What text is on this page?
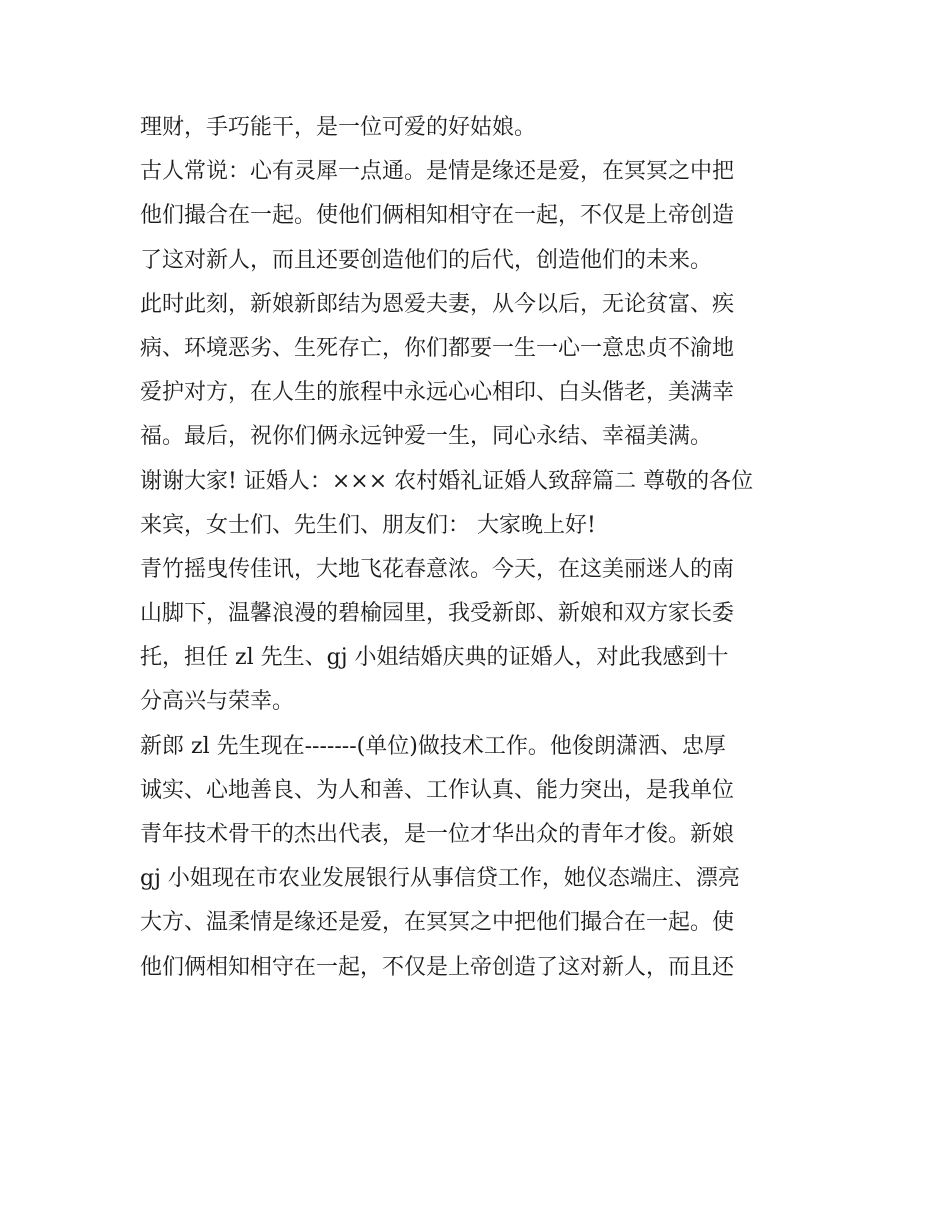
理财，手巧能干，是一位可爱的好姑娘。
古人常说：心有灵犀一点通。是情是缘还是爱，在冥冥之中把
他们撮合在一起。使他们俩相知相守在一起，不仅是上帝创造
了这对新人，而且还要创造他们的后代，创造他们的未来。
此时此刻，新娘新郎结为恩爱夫妻，从今以后，无论贫富、疾
病、环境恶劣、生死存亡，你们都要一生一心一意忠贞不渝地
爱护对方，在人生的旅程中永远心心相印、白头偕老，美满幸
福。最后，祝你们俩永远钟爱一生，同心永结、幸福美满。
谢谢大家! 证婚人：××× 农村婚礼证婚人致辞篇二 尊敬的各位
来宾，女士们、先生们、朋友们： 大家晚上好!
青竹摇曳传佳讯，大地飞花春意浓。今天，在这美丽迷人的南
山脚下，温馨浪漫的碧榆园里，我受新郎、新娘和双方家长委
托，担任 zl 先生、gj 小姐结婚庆典的证婚人，对此我感到十
分高兴与荣幸。
新郎 zl 先生现在-------(单位)做技术工作。他俊朗潇洒、忠厚
诚实、心地善良、为人和善、工作认真、能力突出，是我单位
青年技术骨干的杰出代表，是一位才华出众的青年才俊。新娘
gj 小姐现在市农业发展银行从事信贷工作，她仪态端庄、漂亮
大方、温柔情是缘还是爱，在冥冥之中把他们撮合在一起。使
他们俩相知相守在一起，不仅是上帝创造了这对新人，而且还
